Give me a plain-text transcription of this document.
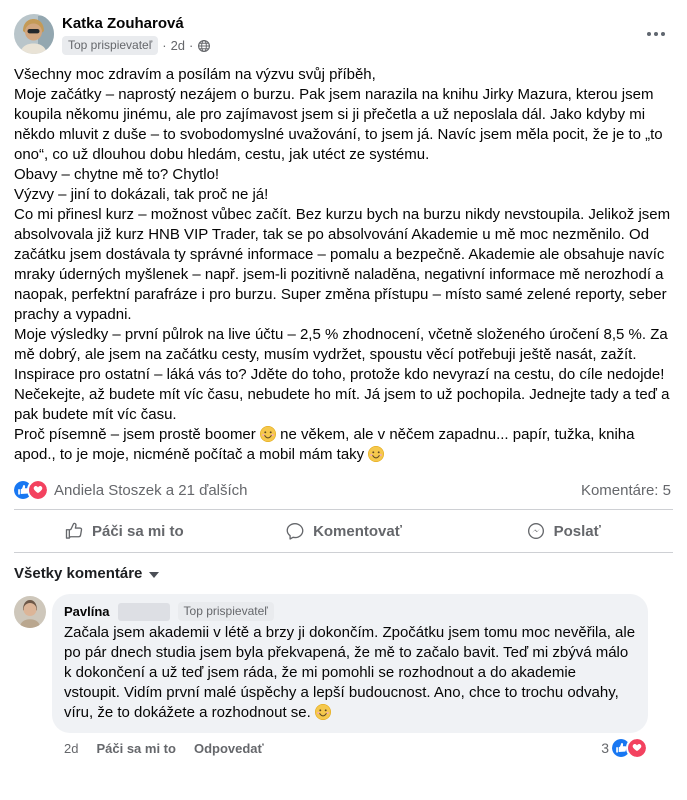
Katka Zouharová
Top prispievateľ · 2d ·

Všechny moc zdravím a posílám na výzvu svůj příběh,

Moje začátky – naprostý nezájem o burzu. Pak jsem narazila na knihu Jirky Mazura, kterou jsem koupila někomu jinému, ale pro zajímavost jsem si ji přečetla a už neposlala dál. Jako kdyby mi někdo mluvit z duše – to svobodomyslné uvažování, to jsem já. Navíc jsem měla pocit, že je to „to ono“, co už dlouhou dobu hledám, cestu, jak utéct ze systému.

Obavy – chytne mě to? Chytlo!

Výzvy – jiní to dokázali, tak proč ne já!

Co mi přinesl kurz – možnost vůbec začít. Bez kurzu bych na burzu nikdy nevstoupila. Jelikož jsem absolvovala již kurz HNB VIP Trader, tak se po absolvování Akademie u mě moc nezměnilo. Od začátku jsem dostávala ty správné informace – pomalu a bezpečně. Akademie ale obsahuje navíc mraky úderných myšlenek – např. jsem-li pozitivně naladěna, negativní informace mě nerozhodí a naopak, perfektní parafráze i pro burzu. Super změna přístupu – místo samé zelené reporty, seber prachy a vypadni.

Moje výsledky – první půlrok na live účtu – 2,5 % zhodnocení, včetně složeného úročení 8,5 %. Za mě dobrý, ale jsem na začátku cesty, musím vydržet, spoustu věcí potřebuji ještě nasát, zažít.

Inspirace pro ostatní – láká vás to? Jděte do toho, protože kdo nevyrazí na cestu, do cíle nedojde! Nečekejte, až budete mít víc času, nebudete ho mít. Já jsem to už pochopila. Jednejte tady a teď a pak budete mít víc času.

Proč písemně – jsem prostě boomer  ne věkem, ale v něčem zapadnu... papír, tužka, kniha apod., to je moje, nicméně počítač a mobil mám taky

Andiela Stoszek a 21 ďalších	Komentáre: 5
Páči sa mi to	Komentovať	Poslať
Všetky komentáre
Pavlína	Top prispievateľ
Začala jsem akademii v létě a brzy ji dokončím. Zpočátku jsem tomu moc nevěřila, ale po pár dnech studia jsem byla překvapená, že mě to začalo bavit. Teď mi zbývá málo k dokončení a už teď jsem ráda, že mi pomohli se rozhodnout a do akademie vstoupit. Vidím první malé úspěchy a lepší budoucnost. Ano, chce to trochu odvahy, víru, že to dokážete a rozhodnout se.
2d Páči sa mi to Odpovedať	3
